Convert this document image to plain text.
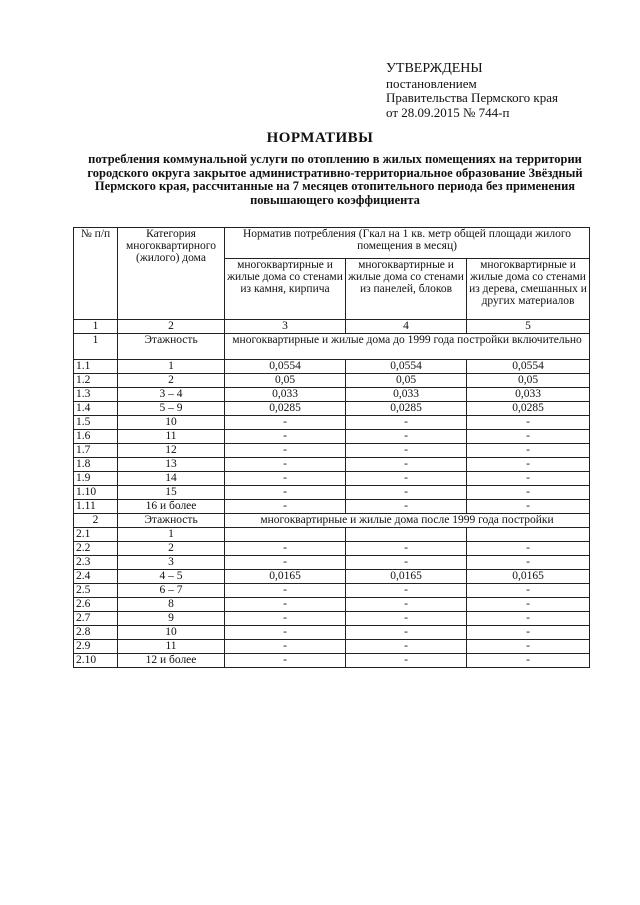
УТВЕРЖДЕНЫ
постановлением
Правительства Пермского края
от 28.09.2015 № 744-п
НОРМАТИВЫ
потребления коммунальной услуги по отоплению в жилых помещениях на территории городского округа закрытое административно-территориальное образование Звёздный Пермского края, рассчитанные на 7 месяцев отопительного периода без применения повышающего коэффициента
№ п/п	Категория многоквартирного (жилого) дома	Норматив потребления (Гкал на 1 кв. метр общей площади жилого помещения в месяц)		
		многоквартирные и жилые дома со стенами из камня, кирпича	многоквартирные и жилые дома со стенами из панелей, блоков	многоквартирные и жилые дома со стенами из дерева, смешанных и других материалов
1	2	3	4	5
1	Этажность	многоквартирные и жилые дома до 1999 года постройки включительно		
1.1	1	0,0554	0,0554	0,0554
1.2	2	0,05	0,05	0,05
1.3	3 – 4	0,033	0,033	0,033
1.4	5 – 9	0,0285	0,0285	0,0285
1.5	10	-	-	-
1.6	11	-	-	-
1.7	12	-	-	-
1.8	13	-	-	-
1.9	14	-	-	-
1.10	15	-	-	-
1.11	16 и более	-	-	-
2	Этажность	многоквартирные и жилые дома после 1999 года постройки		
2.1	1			
2.2	2	-	-	-
2.3	3	-	-	-
2.4	4 – 5	0,0165	0,0165	0,0165
2.5	6 – 7	-	-	-
2.6	8	-	-	-
2.7	9	-	-	-
2.8	10	-	-	-
2.9	11	-	-	-
2.10	12 и более	-	-	-
